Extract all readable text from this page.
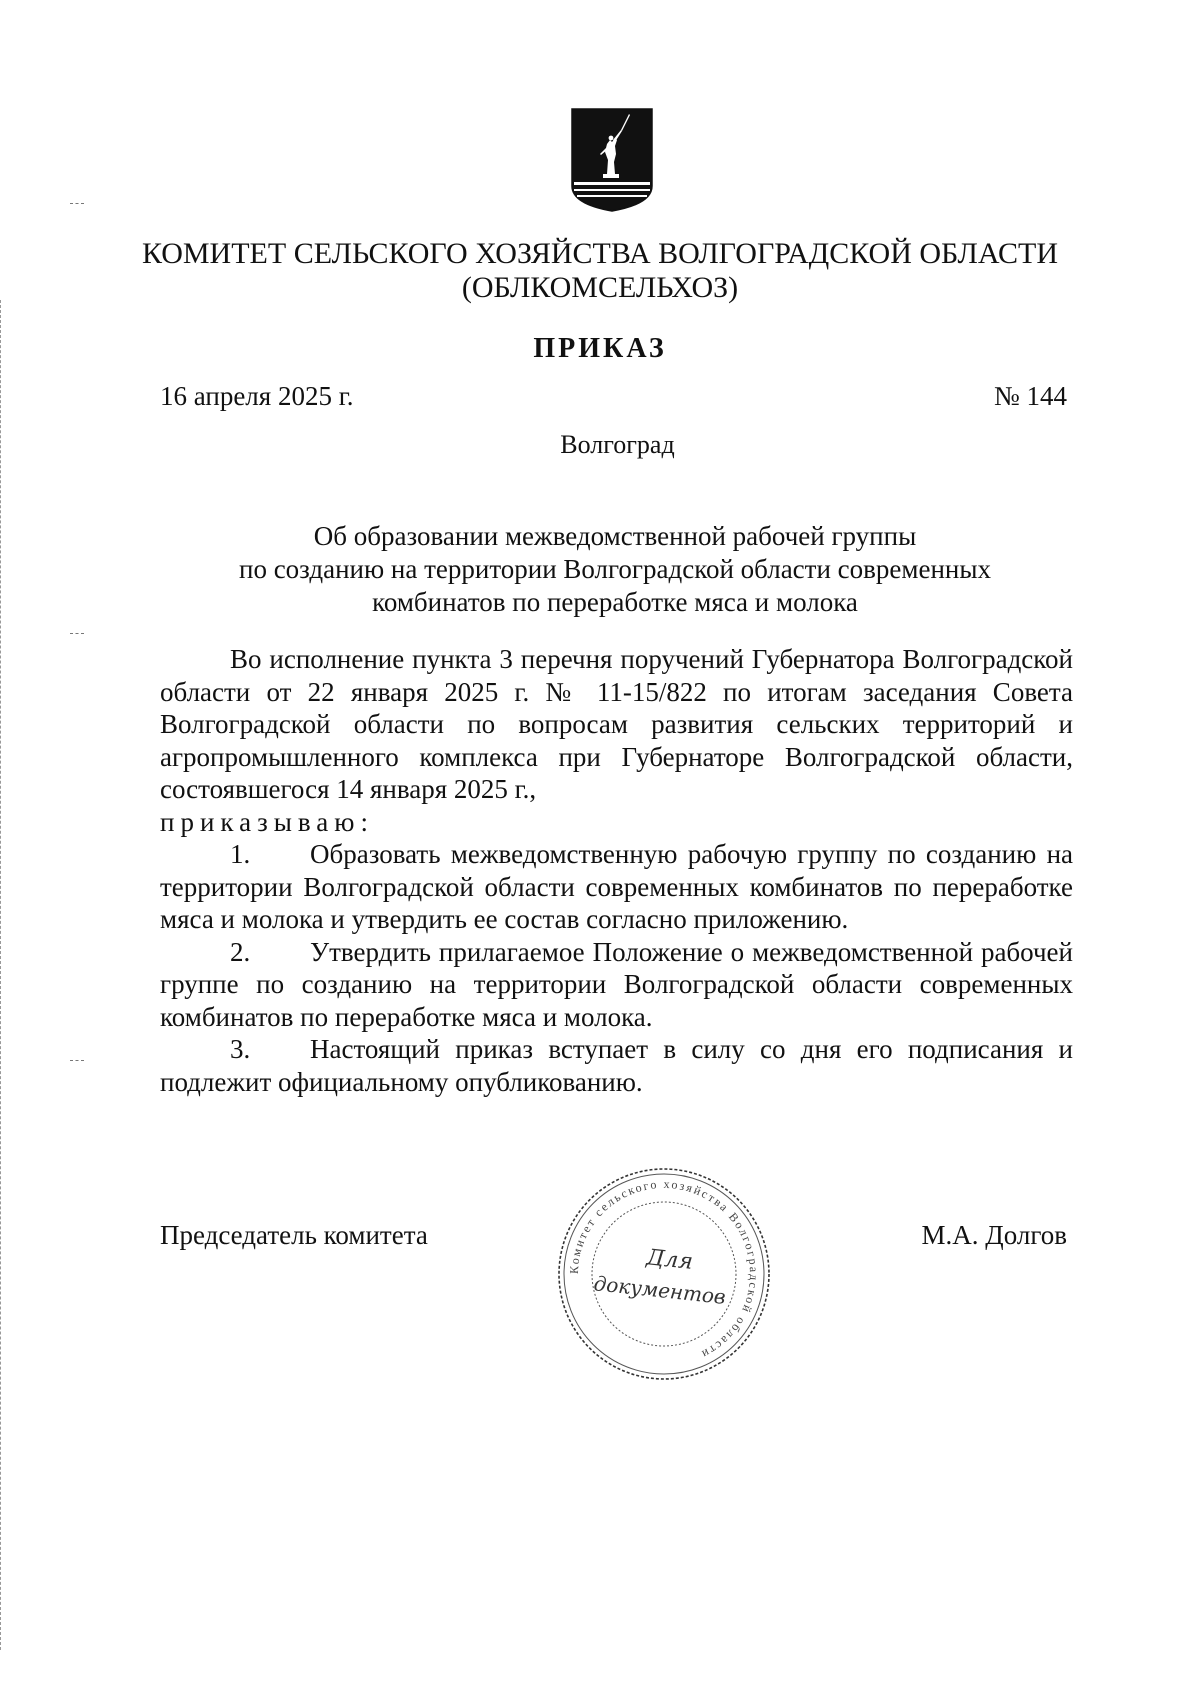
КОМИТЕТ СЕЛЬСКОГО ХОЗЯЙСТВА ВОЛГОГРАДСКОЙ ОБЛАСТИ
(ОБЛКОМСЕЛЬХОЗ)
ПРИКАЗ
16 апреля 2025 г.	№ 144
Волгоград
Об образовании межведомственной рабочей группы
по созданию на территории Волгоградской области современных
комбинатов по переработке мяса и молока

Во исполнение пункта 3 перечня поручений Губернатора Волгоградской области от 22 января 2025 г. № 11-15/822 по итогам заседания Совета Волгоградской области по вопросам развития сельских территорий и агропромышленного комплекса при Губернаторе Волгоградской области, состоявшегося 14 января 2025 г.,

приказываю:

1. Образовать межведомственную рабочую группу по созданию на территории Волгоградской области современных комбинатов по переработке мяса и молока и утвердить ее состав согласно приложению.

2. Утвердить прилагаемое Положение о межведомственной рабочей группе по созданию на территории Волгоградской области современных комбинатов по переработке мяса и молока.

3. Настоящий приказ вступает в силу со дня его подписания и подлежит официальному опубликованию.

Председатель комитета	М.А. Долгов
Комитет сельского хозяйства Волгоградской области
Для
документов
